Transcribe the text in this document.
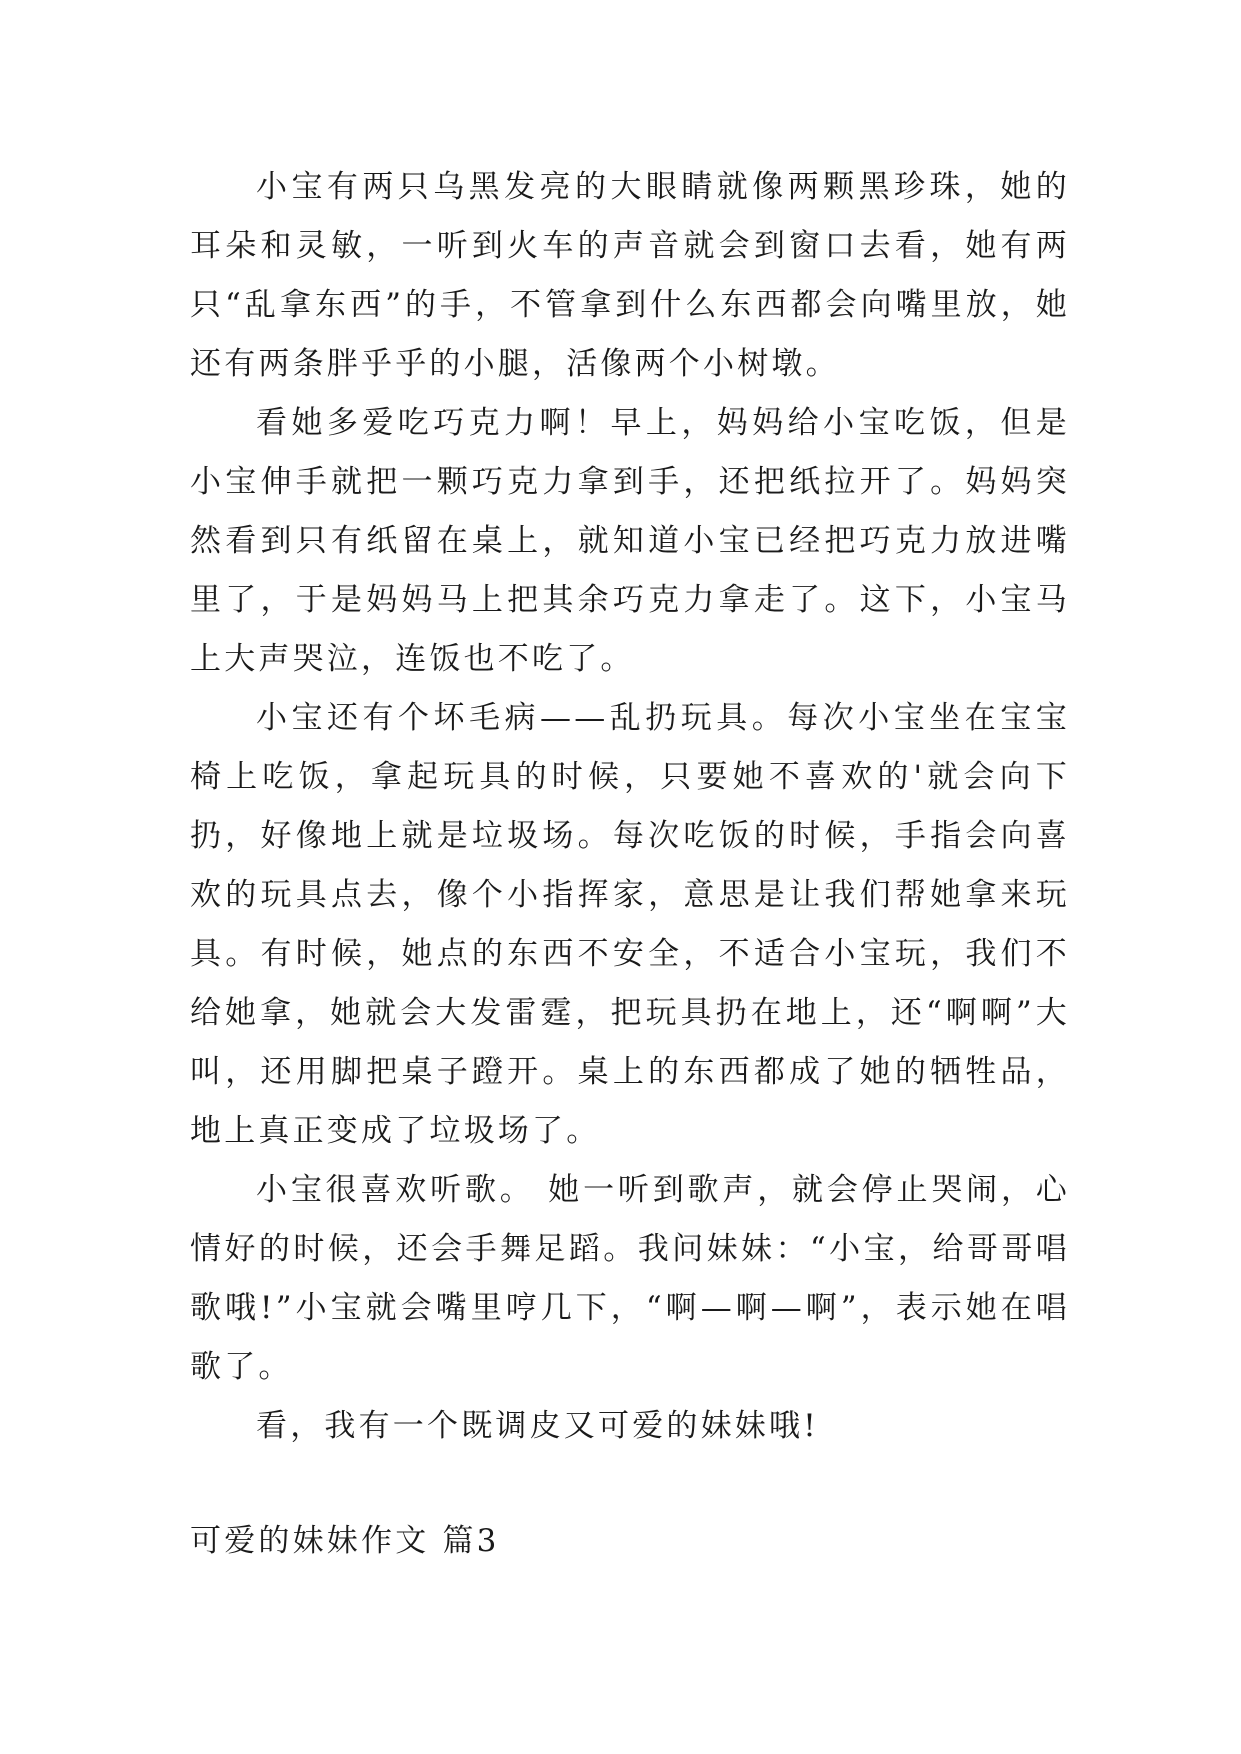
小宝有两只乌黑发亮的大眼睛就像两颗黑珍珠，她的耳朵和灵敏，一听到火车的声音就会到窗口去看，她有两只“乱拿东西”的手，不管拿到什么东西都会向嘴里放，她还有两条胖乎乎的小腿，活像两个小树墩。

看她多爱吃巧克力啊！早上，妈妈给小宝吃饭，但是小宝伸手就把一颗巧克力拿到手，还把纸拉开了。妈妈突然看到只有纸留在桌上，就知道小宝已经把巧克力放进嘴里了，于是妈妈马上把其余巧克力拿走了。这下，小宝马上大声哭泣，连饭也不吃了。

小宝还有个坏毛病——乱扔玩具。每次小宝坐在宝宝椅上吃饭，拿起玩具的时候，只要她不喜欢的'就会向下扔，好像地上就是垃圾场。每次吃饭的时候，手指会向喜欢的玩具点去，像个小指挥家，意思是让我们帮她拿来玩具。有时候，她点的东西不安全，不适合小宝玩，我们不给她拿，她就会大发雷霆，把玩具扔在地上，还“啊啊”大叫，还用脚把桌子蹬开。桌上的东西都成了她的牺牲品，地上真正变成了垃圾场了。

小宝很喜欢听歌。 她一听到歌声，就会停止哭闹，心情好的时候，还会手舞足蹈。我问妹妹：“小宝，给哥哥唱歌哦!”小宝就会嘴里哼几下，“啊—啊—啊”，表示她在唱歌了。

看，我有一个既调皮又可爱的妹妹哦!

可爱的妹妹作文 篇3
